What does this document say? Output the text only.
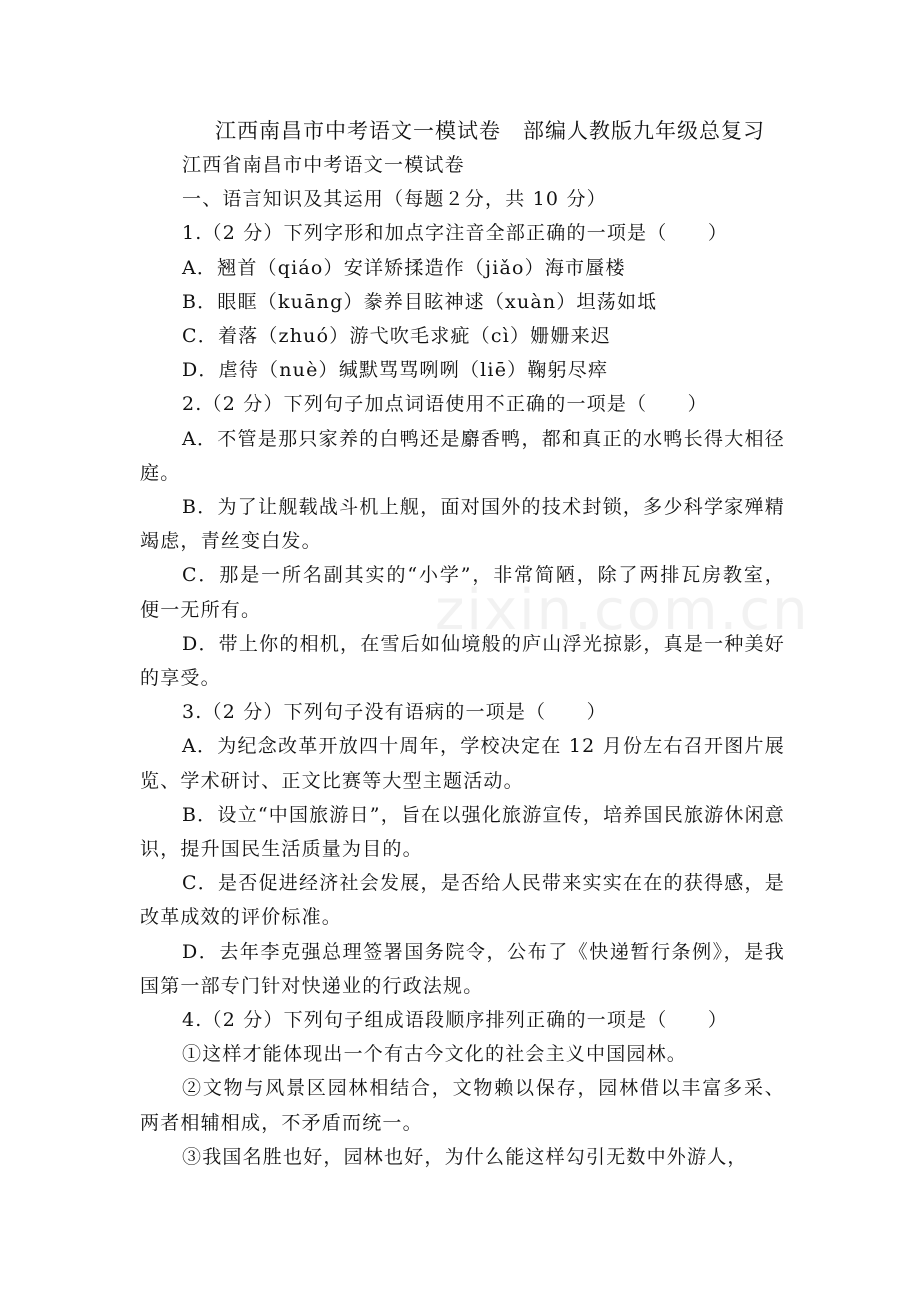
江西南昌市中考语文一模试卷　部编人教版九年级总复习

江西省南昌市中考语文一模试卷

一、语言知识及其运用（每题２分，共 10 分）

1.（2 分）下列字形和加点字注音全部正确的一项是（　　）

A．翘首（qiáo）安详矫揉造作（jiǎo）海市蜃楼

B．眼眶（kuāng）豢养目眩神逑（xuàn）坦荡如坻

C．着落（zhuó）游弋吹毛求疵（cì）姗姗来迟

D．虐待（nuè）缄默骂骂咧咧（liē）鞠躬尽瘁

2.（2 分）下列句子加点词语使用不正确的一项是（　　）

A．不管是那只家养的白鸭还是麝香鸭，都和真正的水鸭长得大相径庭。

B．为了让舰载战斗机上舰，面对国外的技术封锁，多少科学家殚精竭虑，青丝变白发。

C．那是一所名副其实的“小学”，非常简陋，除了两排瓦房教室，便一无所有。

D．带上你的相机，在雪后如仙境般的庐山浮光掠影，真是一种美好的享受。

3.（2 分）下列句子没有语病的一项是（　　）

A．为纪念改革开放四十周年，学校决定在 12 月份左右召开图片展览、学术研讨、正文比赛等大型主题活动。

B．设立“中国旅游日”，旨在以强化旅游宣传，培养国民旅游休闲意识，提升国民生活质量为目的。

C．是否促进经济社会发展，是否给人民带来实实在在的获得感，是改革成效的评价标准。

D．去年李克强总理签署国务院令，公布了《快递暂行条例》，是我国第一部专门针对快递业的行政法规。

4.（2 分）下列句子组成语段顺序排列正确的一项是（　　）

①这样才能体现出一个有古今文化的社会主义中国园林。

②文物与风景区园林相结合，文物赖以保存，园林借以丰富多采、两者相辅相成，不矛盾而统一。

③我国名胜也好，园林也好，为什么能这样勾引无数中外游人，

zixin.com.cn
